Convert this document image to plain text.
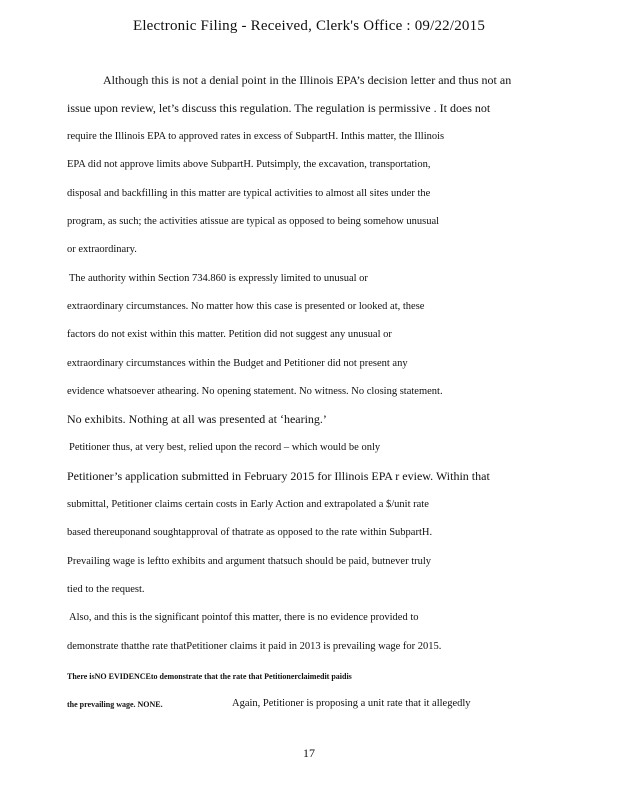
Electronic Filing - Received, Clerk's Office : 09/22/2015
Although this is not a denial point in the Illinois EPA’s decision letter and thus not an
issue upon review, let’s discuss this regulation. The regulation is permissive . It does not
require the Illinois EPA to approved rates in excess of SubpartH. Inthis matter, the Illinois
EPA did not approve limits above SubpartH. Putsimply, the excavation, transportation,
disposal and backfilling in this matter are typical activities to almost all sites under the
program, as such; the activities atissue are typical as opposed to being somehow unusual
or extraordinary.
The authority within Section 734.860 is expressly limited to unusual or
extraordinary circumstances. No matter how this case is presented or looked at, these
factors do not exist within this matter. Petition did not suggest any unusual or
extraordinary circumstances within the Budget and Petitioner did not present any
evidence whatsoever athearing. No opening statement. No witness. No closing statement.
No exhibits. Nothing at all was presented at ‘hearing.’
Petitioner thus, at very best, relied upon the record – which would be only
Petitioner’s application submitted in February 2015 for Illinois EPA r eview. Within that
submittal, Petitioner claims certain costs in Early Action and extrapolated a $/unit rate
based thereuponand soughtapproval of thatrate as opposed to the rate within SubpartH.
Prevailing wage is leftto exhibits and argument thatsuch should be paid, butnever truly
tied to the request.
Also, and this is the significant pointof this matter, there is no evidence provided to
demonstrate thatthe rate thatPetitioner claims it paid in 2013 is prevailing wage for 2015.
There isNO EVIDENCEto demonstrate that the rate that Petitionerclaimedit paidis
the prevailing wage. NONE.	Again, Petitioner is proposing a unit rate that it allegedly
17
